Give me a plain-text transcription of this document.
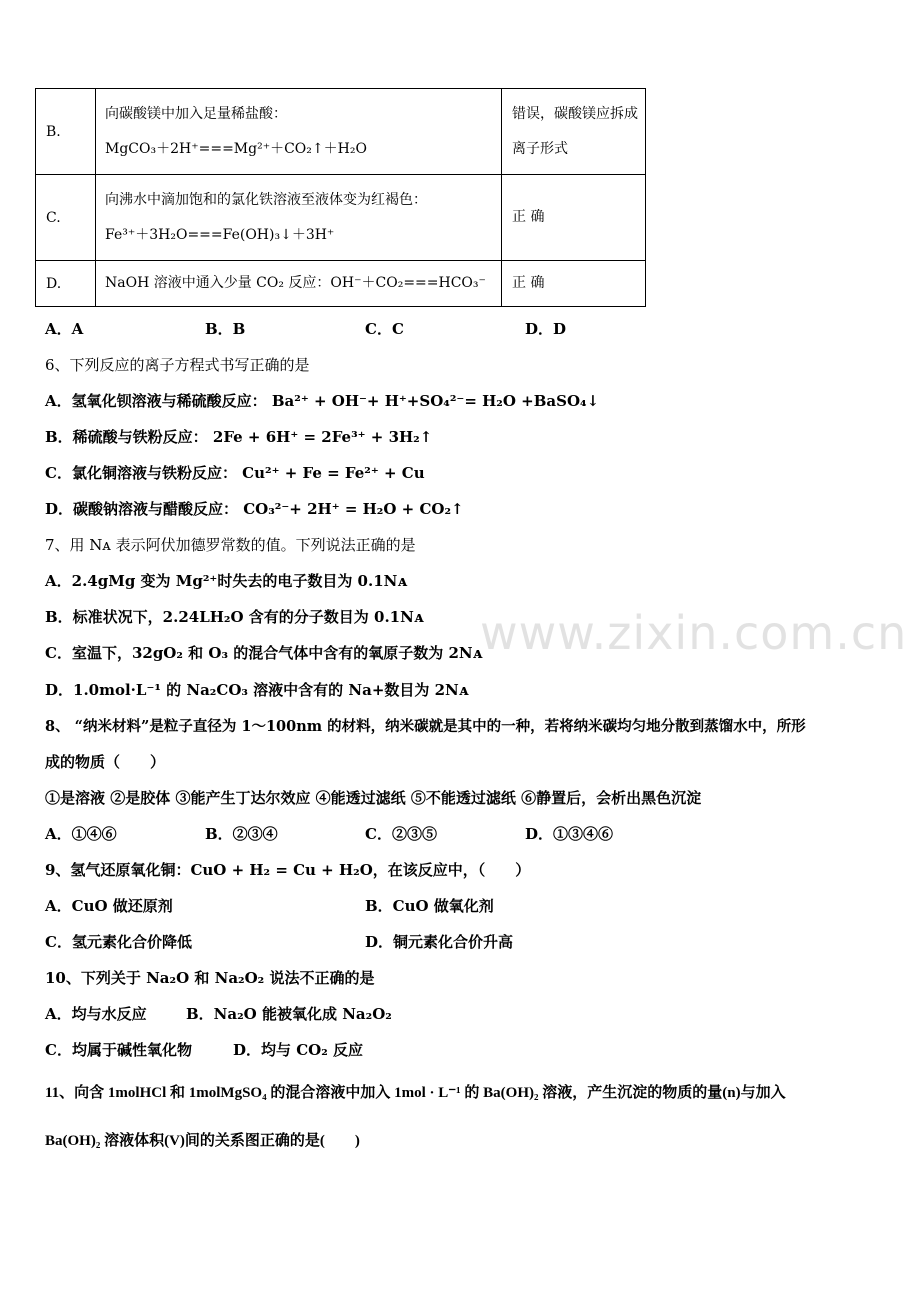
www.zixin.com.cn
B.	向碳酸镁中加入足量稀盐酸：
MgCO₃＋2H⁺===Mg²⁺＋CO₂↑＋H₂O	错误，碳酸镁应拆成离子形式
C.	向沸水中滴加饱和的氯化铁溶液至液体变为红褐色：
Fe³⁺＋3H₂O===Fe(OH)₃↓＋3H⁺	正 确
D.	NaOH 溶液中通入少量 CO₂ 反应：OH⁻＋CO₂===HCO₃⁻	正 确
A．A	B．B	C．C	D．D
6、下列反应的离子方程式书写正确的是
A．氢氧化钡溶液与稀硫酸反应： Ba²⁺ + OH⁻+ H⁺+SO₄²⁻= H₂O +BaSO₄↓
B．稀硫酸与铁粉反应： 2Fe + 6H⁺ = 2Fe³⁺ + 3H₂↑
C．氯化铜溶液与铁粉反应： Cu²⁺ + Fe = Fe²⁺ + Cu
D．碳酸钠溶液与醋酸反应： CO₃²⁻+ 2H⁺ = H₂O + CO₂↑
7、用 Nᴀ 表示阿伏加德罗常数的值。下列说法正确的是
A．2.4gMg 变为 Mg²⁺时失去的电子数目为 0.1Nᴀ
B．标准状况下，2.24LH₂O 含有的分子数目为 0.1Nᴀ
C．室温下，32gO₂ 和 O₃ 的混合气体中含有的氧原子数为 2Nᴀ
D．1.0mol·L⁻¹ 的 Na₂CO₃ 溶液中含有的 Na+数目为 2Nᴀ
8、 “纳米材料”是粒子直径为 1～100nm 的材料，纳米碳就是其中的一种，若将纳米碳均匀地分散到蒸馏水中，所形
成的物质（　　）
①是溶液 ②是胶体 ③能产生丁达尔效应 ④能透过滤纸 ⑤不能透过滤纸 ⑥静置后，会析出黑色沉淀
A．①④⑥	B．②③④	C．②③⑤	D．①③④⑥
9、氢气还原氧化铜：CuO + H₂ = Cu + H₂O，在该反应中，（　　）
A．CuO 做还原剂	B．CuO 做氧化剂
C．氢元素化合价降低	D．铜元素化合价升高
10、下列关于 Na₂O 和 Na₂O₂ 说法不正确的是
A．均与水反应	B．Na₂O 能被氧化成 Na₂O₂
C．均属于碱性氧化物	D．均与 CO₂ 反应
11、向含 1molHCl 和 1molMgSO₄ 的混合溶液中加入 1mol · L⁻¹ 的 Ba(OH)₂ 溶液，产生沉淀的物质的量(n)与加入
Ba(OH)₂ 溶液体积(V)间的关系图正确的是(　　)
